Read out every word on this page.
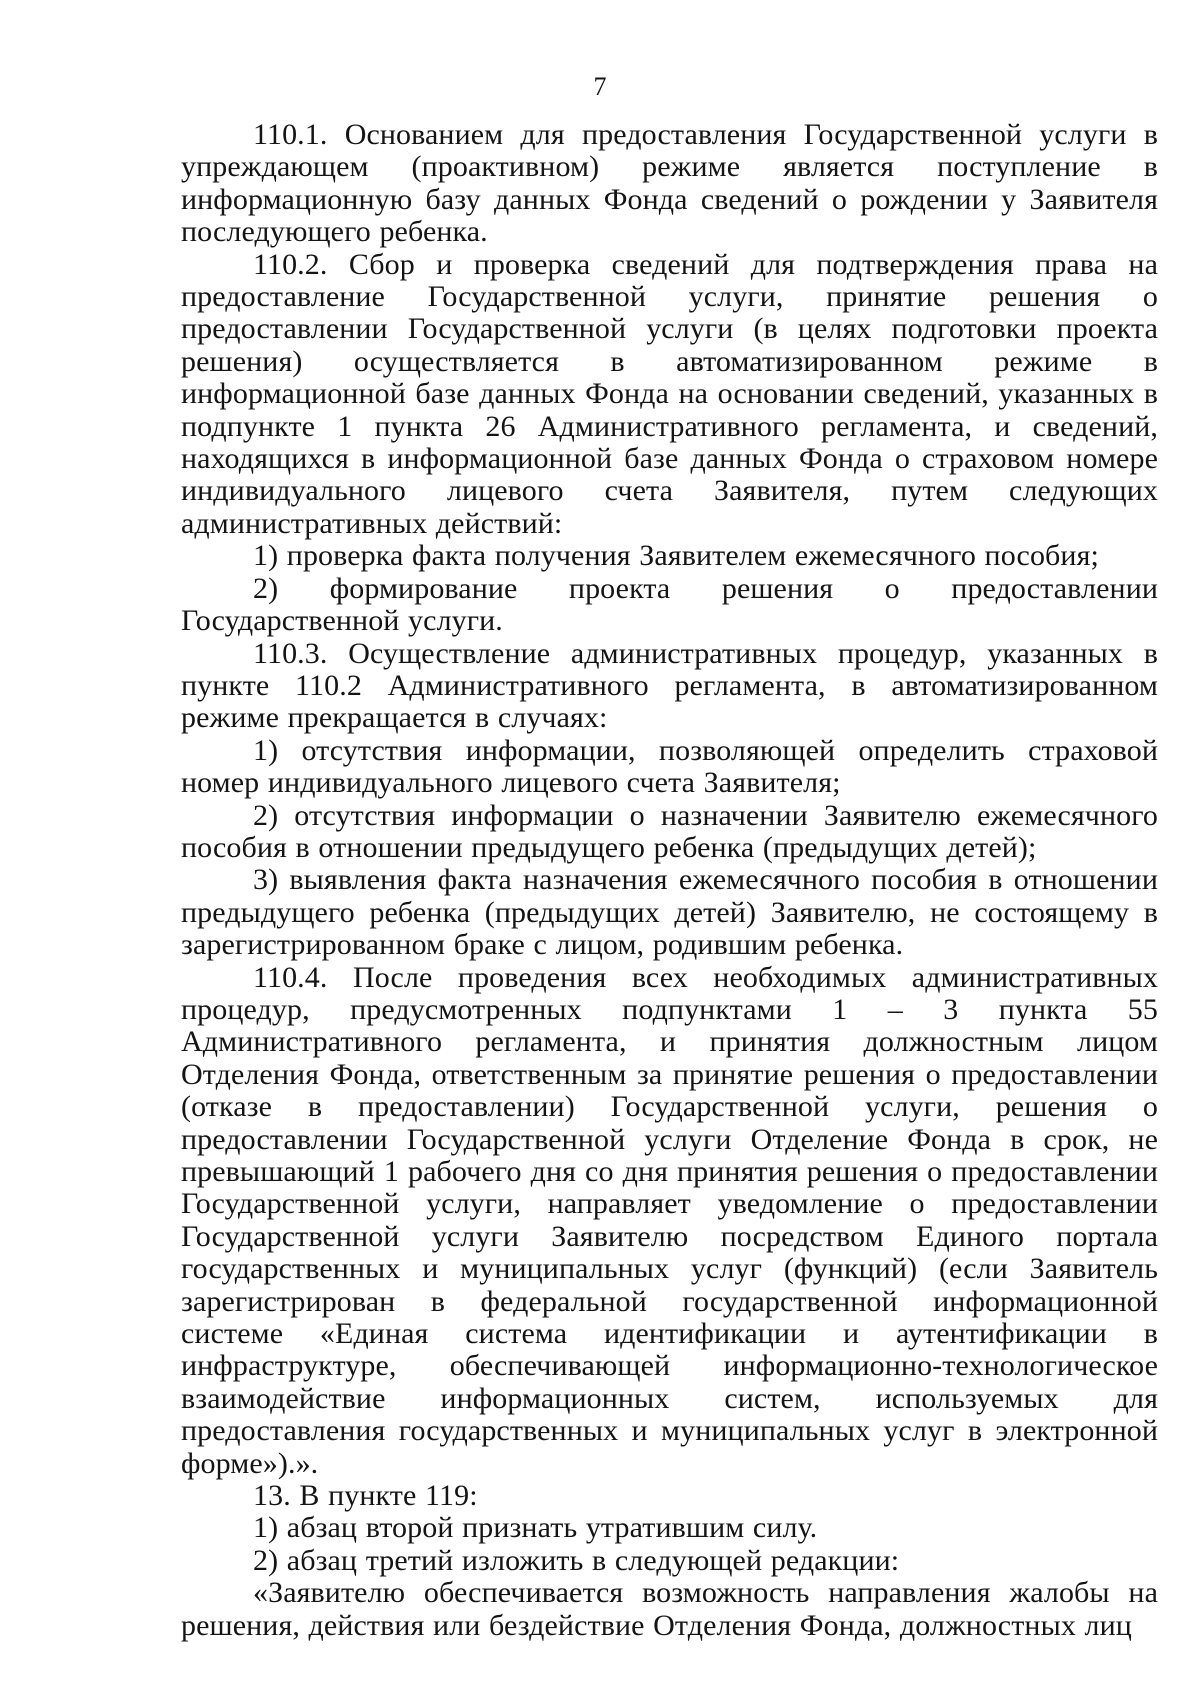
7

110.1. Основанием для предоставления Государственной услуги в упреждающем (проактивном) режиме является поступление в информационную базу данных Фонда сведений о рождении у Заявителя последующего ребенка.

110.2. Сбор и проверка сведений для подтверждения права на предоставление Государственной услуги, принятие решения о предоставлении Государственной услуги (в целях подготовки проекта решения) осуществляется в автоматизированном режиме в информационной базе данных Фонда на основании сведений, указанных в подпункте 1 пункта 26 Административного регламента, и сведений, находящихся в информационной базе данных Фонда о страховом номере индивидуального лицевого счета Заявителя, путем следующих административных действий:

1) проверка факта получения Заявителем ежемесячного пособия;

2) формирование проекта решения о предоставлении Государственной услуги.

110.3. Осуществление административных процедур, указанных в пункте 110.2 Административного регламента, в автоматизированном режиме прекращается в случаях:

1) отсутствия информации, позволяющей определить страховой номер индивидуального лицевого счета Заявителя;

2) отсутствия информации о назначении Заявителю ежемесячного пособия в отношении предыдущего ребенка (предыдущих детей);

3) выявления факта назначения ежемесячного пособия в отношении предыдущего ребенка (предыдущих детей) Заявителю, не состоящему в зарегистрированном браке с лицом, родившим ребенка.

110.4. После проведения всех необходимых административных процедур, предусмотренных подпунктами 1 – 3 пункта 55 Административного регламента, и принятия должностным лицом Отделения Фонда, ответственным за принятие решения о предоставлении (отказе в предоставлении) Государственной услуги, решения о предоставлении Государственной услуги Отделение Фонда в срок, не превышающий 1 рабочего дня со дня принятия решения о предоставлении Государственной услуги, направляет уведомление о предоставлении Государственной услуги Заявителю посредством Единого портала государственных и муниципальных услуг (функций) (если Заявитель зарегистрирован в федеральной государственной информационной системе «Единая система идентификации и аутентификации в инфраструктуре, обеспечивающей информационно-технологическое взаимодействие информационных систем, используемых для предоставления государственных и муниципальных услуг в электронной форме»).».

13. В пункте 119:

1) абзац второй признать утратившим силу.

2) абзац третий изложить в следующей редакции:

«Заявителю обеспечивается возможность направления жалобы на решения, действия или бездействие Отделения Фонда, должностных лиц
